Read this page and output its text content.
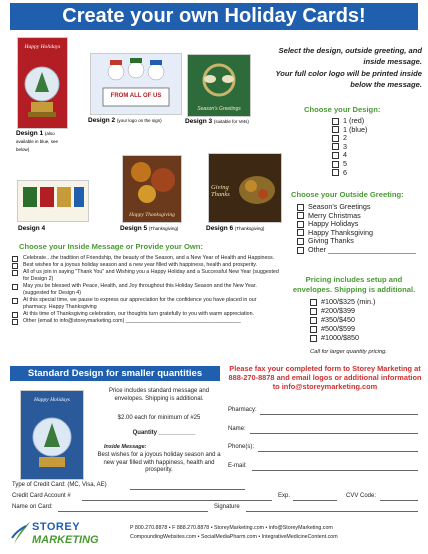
Create your own Holiday Cards!
Happy Holidays
Design 1 (also available in blue, see below)
FROM ALL OF US
Design 2 (your logo on the sign)
Season's Greetings
Design 3 (suitable for Vets)
Design 4
Happy Thanksgiving
Design 5 (Thanksgiving)
Giving Thanks
Design 6 (Thanksgiving)
Select the design, outside greeting, and inside message.
Your full color logo will be printed inside below the message.
Choose your Design:
1 (red)
1 (blue)
2
3
4
5
6
Choose your Outside Greeting:
Season's Greetings
Merry Christmas
Happy Holidays
Happy Thanksgiving
Giving Thanks
Other ______________________
Choose your Inside Message or Provide your Own:
Celebrate…the tradition of Friendship, the beauty of the Season, and a New Year of Health and Happiness.
Best wishes for a joyous holiday season and a new year filled with happiness, health and prosperity.
All of us join in saying "Thank You" and Wishing you a Happy Holiday and a Successful New Year (suggested for Design 2)
May you be blessed with Peace, Health, and Joy throughout this Holiday Season and the New Year. (suggested for Design 4)
At this special time, we pause to express our appreciation for the confidence you have placed in our pharmacy. Happy Thanksgiving
At this time of Thanksgiving celebration, our thoughts turn gratefully to you with warm appreciation.
Other (email to info@storeymarketing.com) _______________________________________
Pricing includes setup and envelopes. Shipping is additional.
#100/$325 (min.)
#200/$399
#350/$450
#500/$599
#1000/$850
Call for larger quantity pricing.
Standard Design for smaller quantities
Happy Holidays
Price includes standard message and envelopes. Shipping is additional.
$2.00 each for minimum of #25
Quantity ___________
Inside Message:
Best wishes for a joyous holiday season and a new year filled with happiness, health and prosperity.
Please fax your completed form to Storey Marketing at 888-270-8878 and email logos or additional information to info@storeymarketing.com
Pharmacy:
Name:
Phone(s):
E-mail:
Type of Credit Card: (MC, Visa, AE)
Credit Card Account #	Exp.	CVV Code:
Name on Card:	Signature
STOREY
MARKETING
P 800.270.8878 • F 888.270.8878 • StoreyMarketing.com • info@StoreyMarketing.com
CompoundingWebsites.com • SocialMediaPharm.com • IntegrativeMedicineContent.com
